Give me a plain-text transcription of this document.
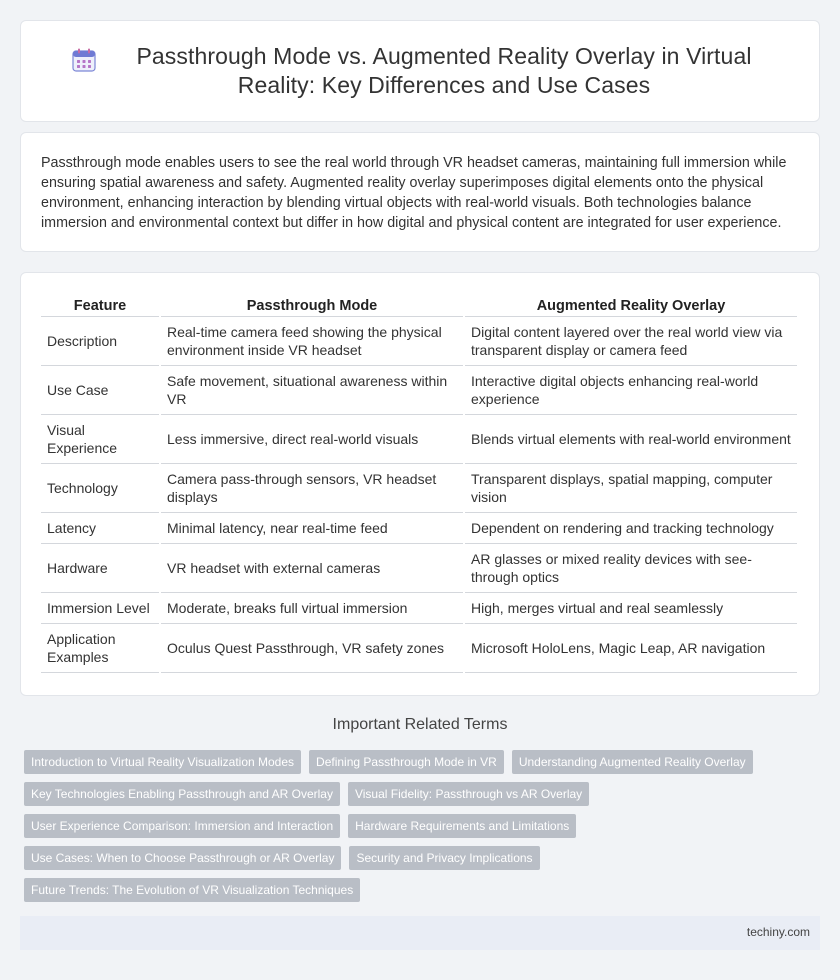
Passthrough Mode vs. Augmented Reality Overlay in Virtual Reality: Key Differences and Use Cases

Passthrough mode enables users to see the real world through VR headset cameras, maintaining full immersion while ensuring spatial awareness and safety. Augmented reality overlay superimposes digital elements onto the physical environment, enhancing interaction by blending virtual objects with real-world visuals. Both technologies balance immersion and environmental context but differ in how digital and physical content are integrated for user experience.

Feature	Passthrough Mode	Augmented Reality Overlay
Description	Real-time camera feed showing the physical environment inside VR headset	Digital content layered over the real world view via transparent display or camera feed
Use Case	Safe movement, situational awareness within VR	Interactive digital objects enhancing real-world experience
Visual Experience	Less immersive, direct real-world visuals	Blends virtual elements with real-world environment
Technology	Camera pass-through sensors, VR headset displays	Transparent displays, spatial mapping, computer vision
Latency	Minimal latency, near real-time feed	Dependent on rendering and tracking technology
Hardware	VR headset with external cameras	AR glasses or mixed reality devices with see-through optics
Immersion Level	Moderate, breaks full virtual immersion	High, merges virtual and real seamlessly
Application Examples	Oculus Quest Passthrough, VR safety zones	Microsoft HoloLens, Magic Leap, AR navigation
Important Related Terms
Introduction to Virtual Reality Visualization Modes	Defining Passthrough Mode in VR	Understanding Augmented Reality Overlay
Key Technologies Enabling Passthrough and AR Overlay	Visual Fidelity: Passthrough vs AR Overlay
User Experience Comparison: Immersion and Interaction	Hardware Requirements and Limitations
Use Cases: When to Choose Passthrough or AR Overlay	Security and Privacy Implications
Future Trends: The Evolution of VR Visualization Techniques
techiny.com
